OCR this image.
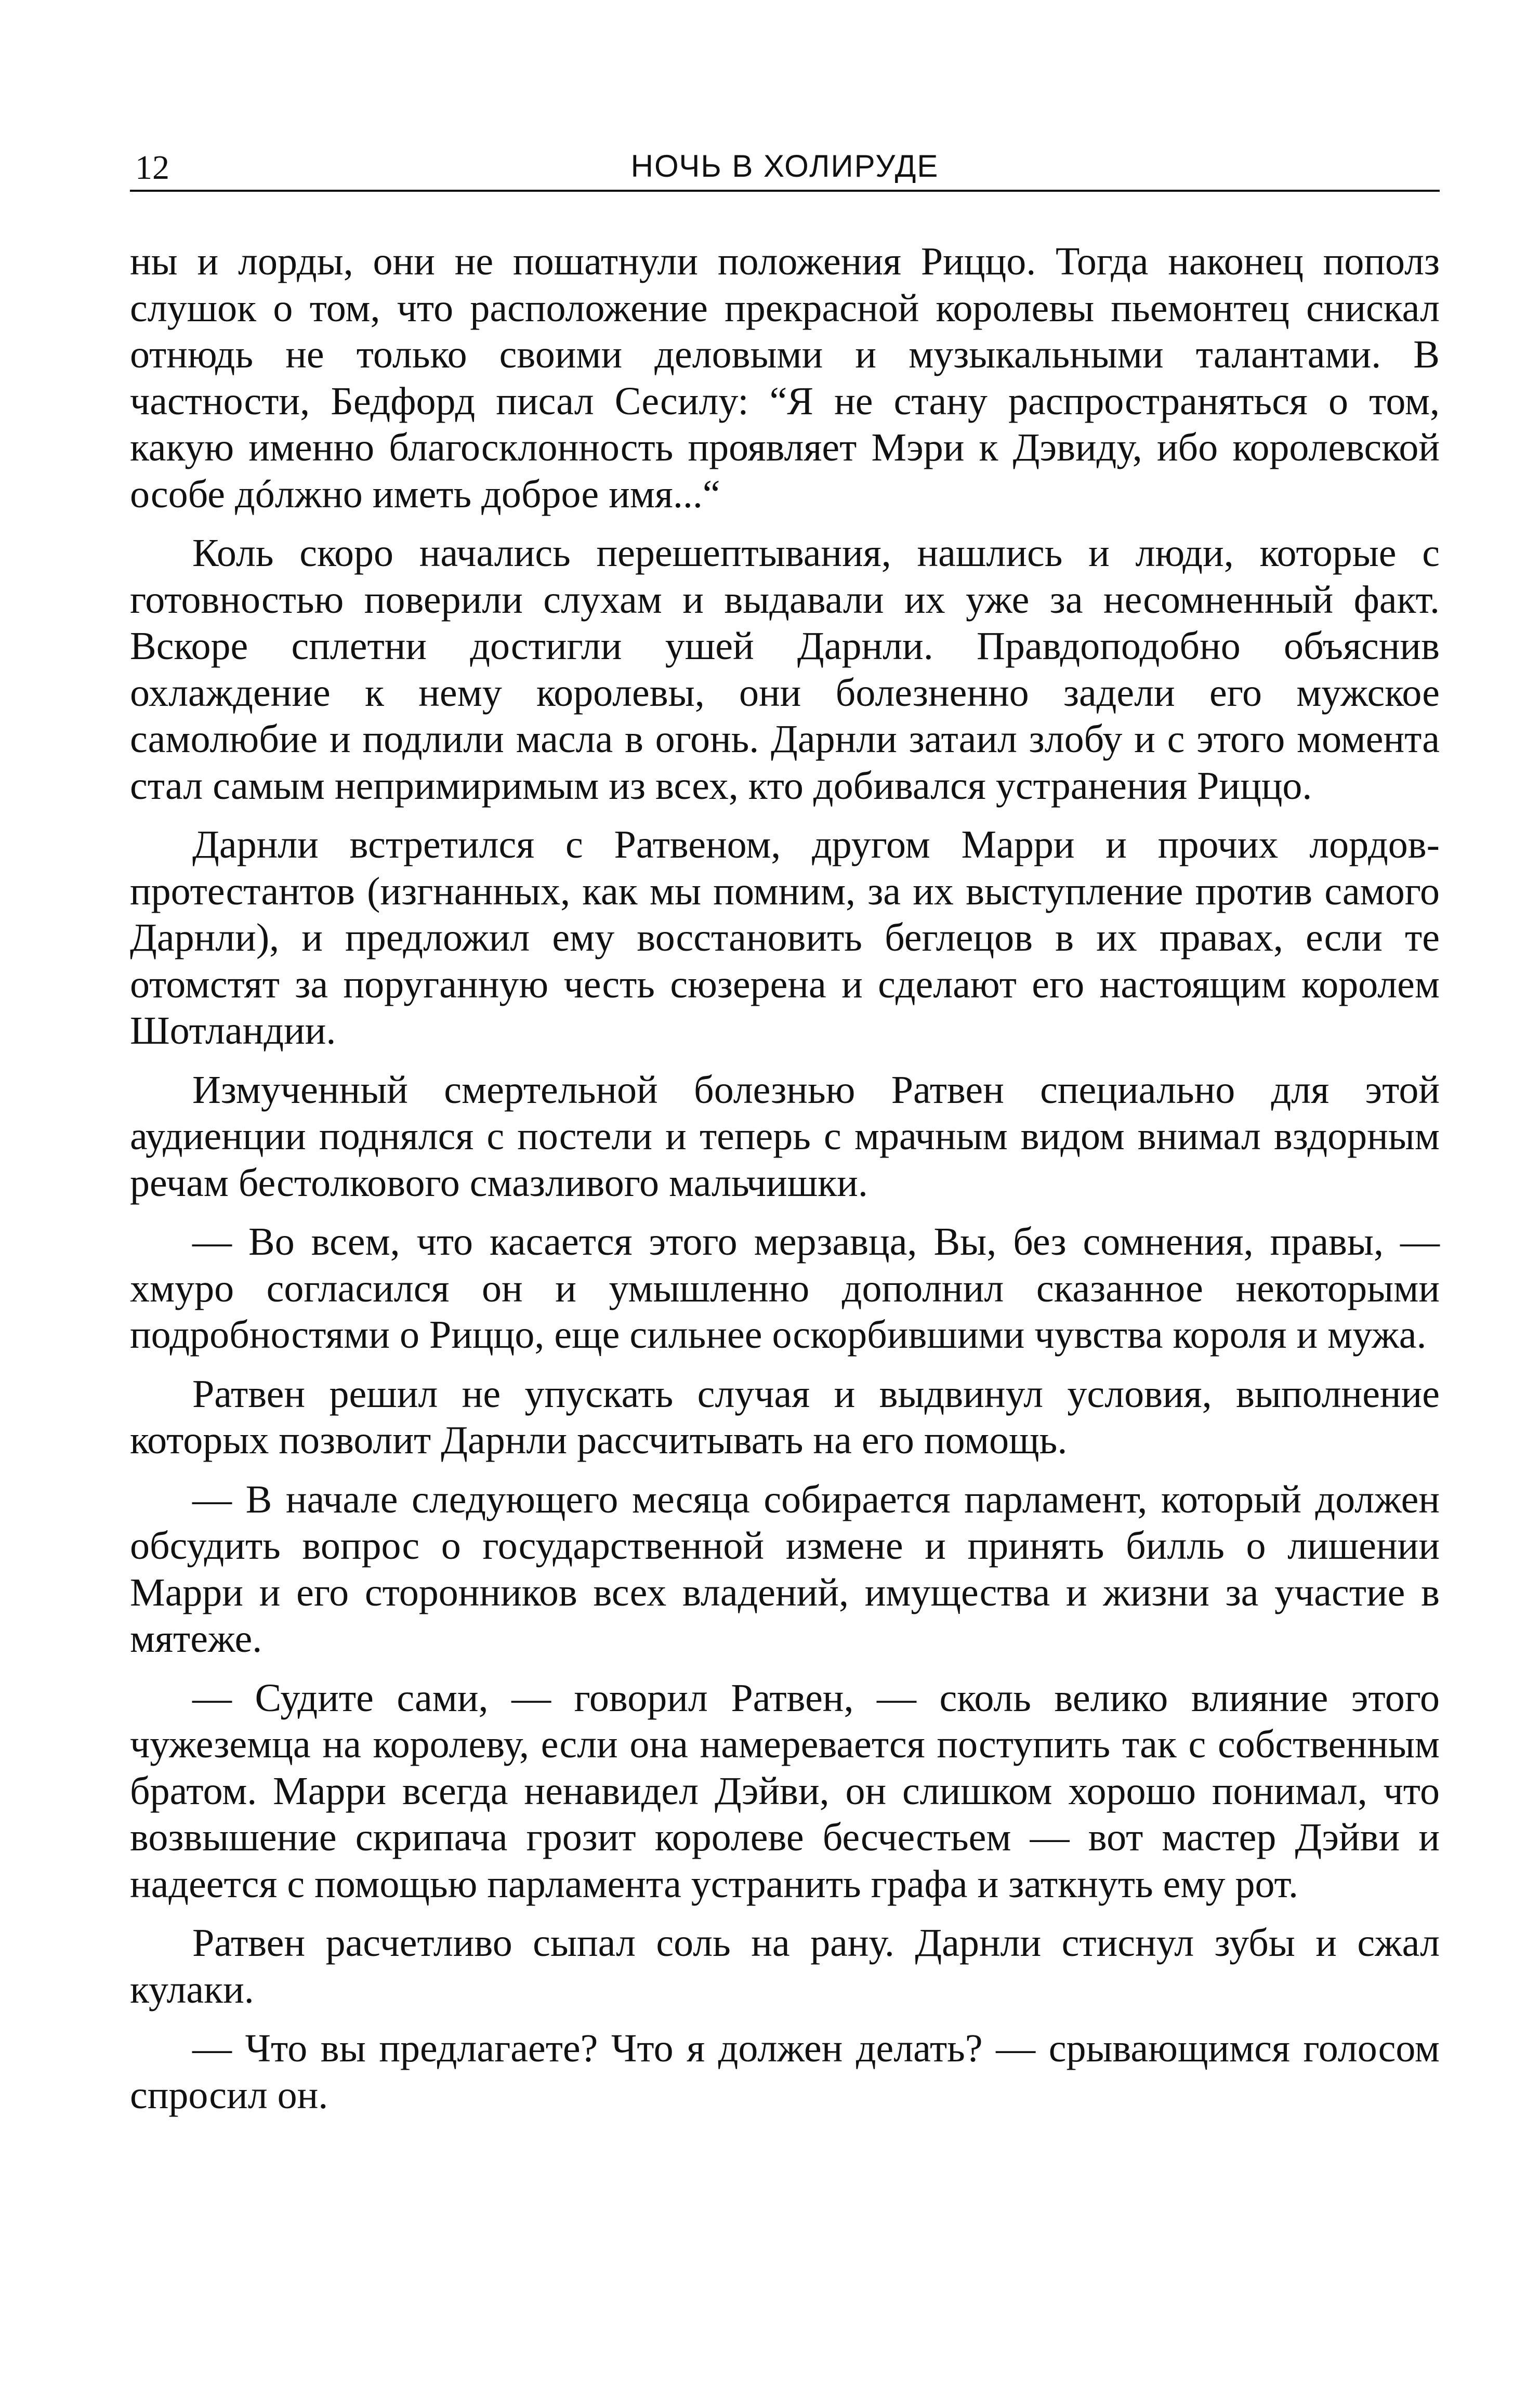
12	НОЧЬ В ХОЛИРУДЕ

ны и лорды, они не пошатнули положения Риццо. Тогда наконец пополз слушок о том, что расположение прекрасной королевы пьемонтец снискал отнюдь не только своими деловыми и музыкальными талантами. В частности, Бедфорд писал Сесилу: “Я не стану распространяться о том, какую именно благосклонность проявляет Мэри к Дэвиду, ибо королевской особе дóлжно иметь доброе имя...“

Коль скоро начались перешептывания, нашлись и люди, которые с готовностью поверили слухам и выдавали их уже за несомненный факт. Вскоре сплетни достигли ушей Дарнли. Правдоподобно объяснив охлаждение к нему королевы, они болезненно задели его мужское самолюбие и подлили масла в огонь. Дарнли затаил злобу и с этого момента стал самым непримиримым из всех, кто добивался устранения Риццо.

Дарнли встретился с Ратвеном, другом Марри и прочих лордов-протестантов (изгнанных, как мы помним, за их выступление против самого Дарнли), и предложил ему восстановить беглецов в их правах, если те отомстят за поруганную честь сюзерена и сделают его настоящим королем Шотландии.

Измученный смертельной болезнью Ратвен специально для этой аудиенции поднялся с постели и теперь с мрачным видом внимал вздорным речам бестолкового смазливого мальчишки.

— Во всем, что касается этого мерзавца, Вы, без сомнения, правы, — хмуро согласился он и умышленно дополнил сказанное некоторыми подробностями о Риццо, еще сильнее оскорбившими чувства короля и мужа.

Ратвен решил не упускать случая и выдвинул условия, выполнение которых позволит Дарнли рассчитывать на его помощь.

— В начале следующего месяца собирается парламент, который должен обсудить вопрос о государственной измене и принять билль о лишении Марри и его сторонников всех владений, имущества и жизни за участие в мятеже.

— Судите сами, — говорил Ратвен, — сколь велико влияние этого чужеземца на королеву, если она намеревается поступить так с собственным братом. Марри всегда ненавидел Дэйви, он слишком хорошо понимал, что возвышение скрипача грозит королеве бесчестьем — вот мастер Дэйви и надеется с помощью парламента устранить графа и заткнуть ему рот.

Ратвен расчетливо сыпал соль на рану. Дарнли стиснул зубы и сжал кулаки.

— Что вы предлагаете? Что я должен делать? — срывающимся голосом спросил он.
